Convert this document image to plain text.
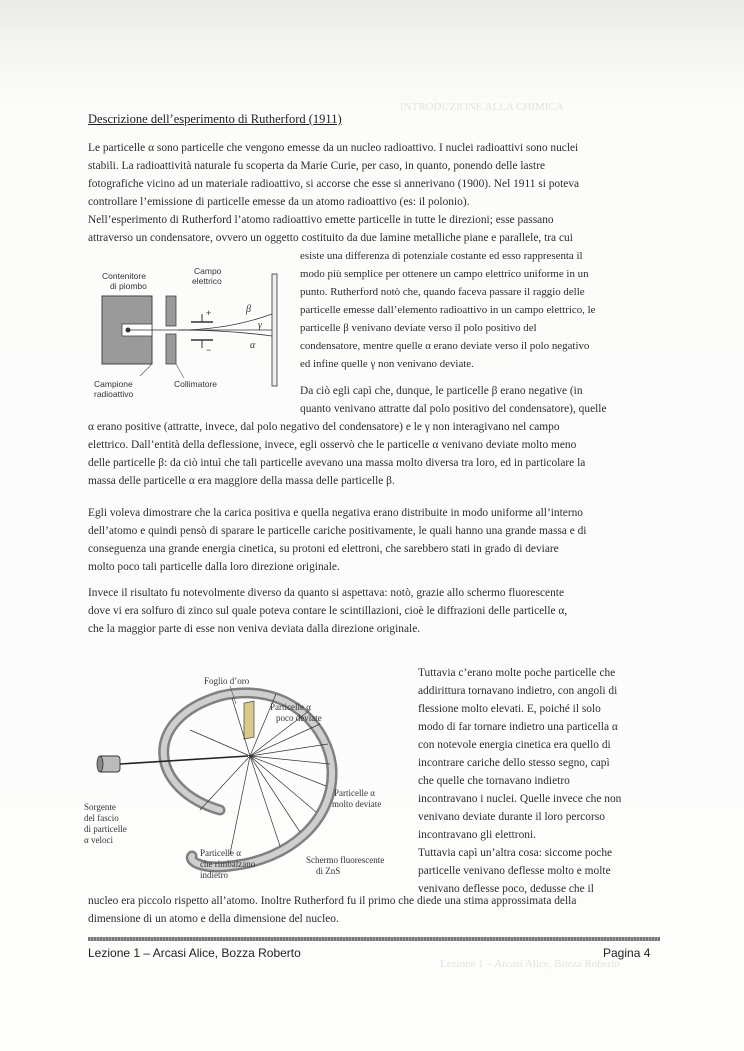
INTRODUZIONE ALLA CHIMICA
Lezione 1 – Arcasi Alice, Bozza Roberto
Descrizione dell’esperimento di Rutherford (1911)
Le particelle α sono particelle che vengono emesse da un nucleo radioattivo. I nuclei radioattivi sono nuclei
stabili. La radioattività naturale fu scoperta da Marie Curie, per caso, in quanto, ponendo delle lastre
fotografiche vicino ad un materiale radioattivo, si accorse che esse si annerivano (1900). Nel 1911 si poteva
controllare l’emissione di particelle emesse da un atomo radioattivo (es: il polonio).
Nell’esperimento di Rutherford l’atomo radioattivo emette particelle in tutte le direzioni; esse passano
attraverso un condensatore, ovvero un oggetto costituito da due lamine metalliche piane e parallele, tra cui
esiste una differenza di potenziale costante ed esso rappresenta il
modo più semplice per ottenere un campo elettrico uniforme in un
punto. Rutherford notò che, quando faceva passare il raggio delle
particelle emesse dall’elemento radioattivo in un campo elettrico, le
particelle β venivano deviate verso il polo positivo del
condensatore, mentre quelle α erano deviate verso il polo negativo
ed infine quelle γ non venivano deviate.
+
−
β
γ
α
Contenitore
di piombo
Campo
elettrico
Campione
radioattivo
Collimatore
Da ciò egli capì che, dunque, le particelle β erano negative (in
quanto venivano attratte dal polo positivo del condensatore), quelle
α erano positive (attratte, invece, dal polo negativo del condensatore) e le γ non interagivano nel campo
elettrico. Dall’entità della deflessione, invece, egli osservò che le particelle α venivano deviate molto meno
delle particelle β: da ciò intuì che tali particelle avevano una massa molto diversa tra loro, ed in particolare la
massa delle particelle α era maggiore della massa delle particelle β.
Egli voleva dimostrare che la carica positiva e quella negativa erano distribuite in modo uniforme all’interno
dell’atomo e quindi pensò di sparare le particelle cariche positivamente, le quali hanno una grande massa e di
conseguenza una grande energia cinetica, su protoni ed elettroni, che sarebbero stati in grado di deviare
molto poco tali particelle dalla loro direzione originale.
Invece il risultato fu notevolmente diverso da quanto si aspettava: notò, grazie allo schermo fluorescente
dove vi era solfuro di zinco sul quale poteva contare le scintillazioni, cioè le diffrazioni delle particelle α,
che la maggior parte di esse non veniva deviata dalla direzione originale.
Foglio d’oro
Particelle α
poco deviate
Particelle α
molto deviate
Sorgente
del fascio
di particelle
α veloci
Particelle α
che rimbalzano
indietro
Schermo fluorescente
di ZnS
Tuttavia c’erano molte poche particelle che
addirittura tornavano indietro, con angoli di
flessione molto elevati. E, poiché il solo
modo di far tornare indietro una particella α
con notevole energia cinetica era quello di
incontrare cariche dello stesso segno, capì
che quelle che tornavano indietro
incontravano i nuclei. Quelle invece che non
venivano deviate durante il loro percorso
incontravano gli elettroni.
Tuttavia capì un’altra cosa: siccome poche
particelle venivano deflesse molto e molte
venivano deflesse poco, dedusse che il
nucleo era piccolo rispetto all’atomo. Inoltre Rutherford fu il primo che diede una stima approssimata della
dimensione di un atomo e della dimensione del nucleo.
Lezione 1 – Arcasi Alice, Bozza Roberto	Pagina 4
